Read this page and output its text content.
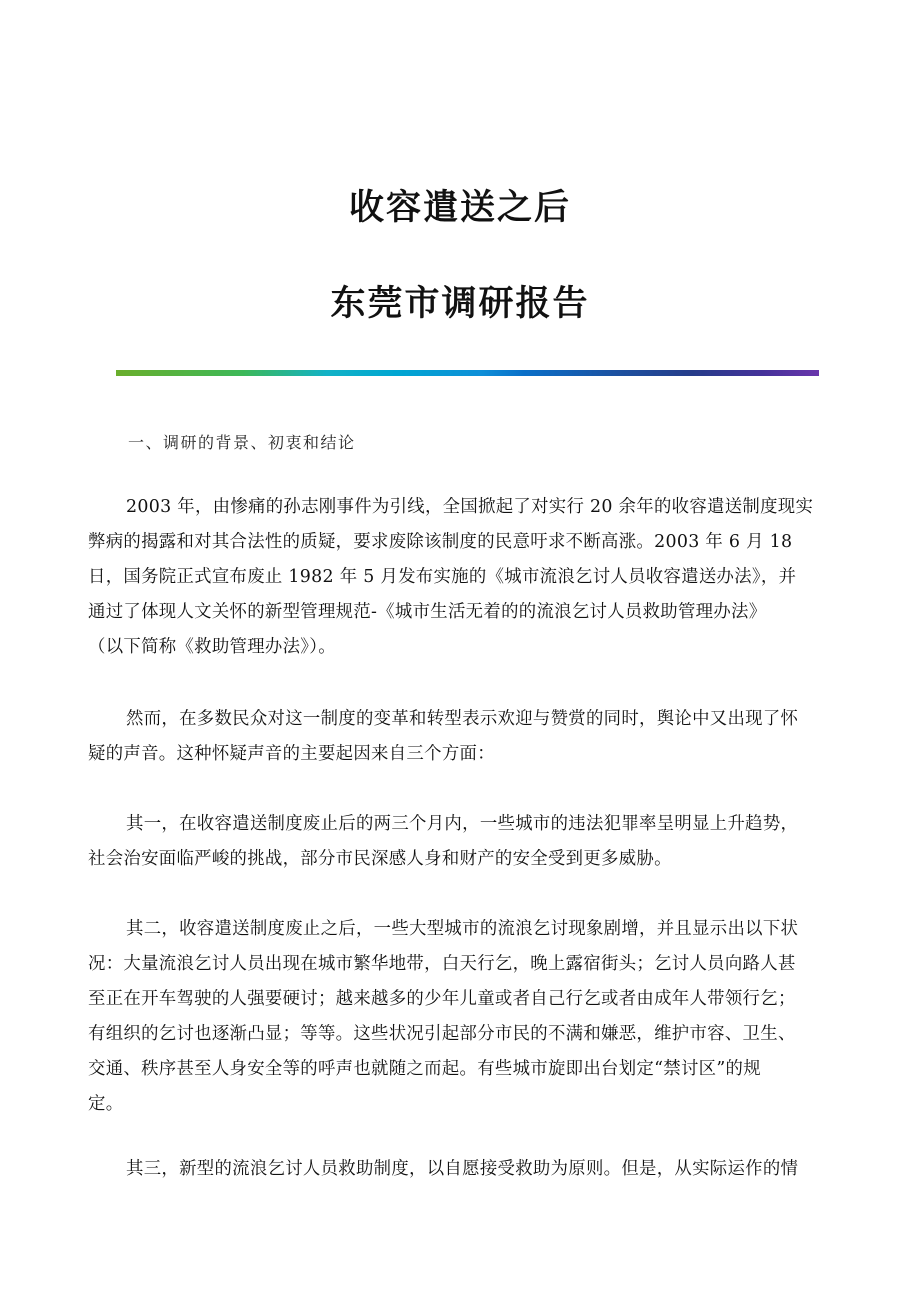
收容遣送之后
东莞市调研报告
一、调研的背景、初衷和结论
2003 年，由惨痛的孙志刚事件为引线，全国掀起了对实行 20 余年的收容遣送制度现实
弊病的揭露和对其合法性的质疑，要求废除该制度的民意吁求不断高涨。2003 年 6 月 18
日，国务院正式宣布废止 1982 年 5 月发布实施的《城市流浪乞讨人员收容遣送办法》，并
通过了体现人文关怀的新型管理规范-《城市生活无着的的流浪乞讨人员救助管理办法》
（以下简称《救助管理办法》）。
然而，在多数民众对这一制度的变革和转型表示欢迎与赞赏的同时，舆论中又出现了怀
疑的声音。这种怀疑声音的主要起因来自三个方面：
其一，在收容遣送制度废止后的两三个月内，一些城市的违法犯罪率呈明显上升趋势，
社会治安面临严峻的挑战，部分市民深感人身和财产的安全受到更多威胁。
其二，收容遣送制度废止之后，一些大型城市的流浪乞讨现象剧增，并且显示出以下状
况：大量流浪乞讨人员出现在城市繁华地带，白天行乞，晚上露宿街头；乞讨人员向路人甚
至正在开车驾驶的人强要硬讨；越来越多的少年儿童或者自己行乞或者由成年人带领行乞；
有组织的乞讨也逐渐凸显；等等。这些状况引起部分市民的不满和嫌恶，维护市容、卫生、
交通、秩序甚至人身安全等的呼声也就随之而起。有些城市旋即出台划定“禁讨区”的规
定。
其三，新型的流浪乞讨人员救助制度，以自愿接受救助为原则。但是，从实际运作的情
